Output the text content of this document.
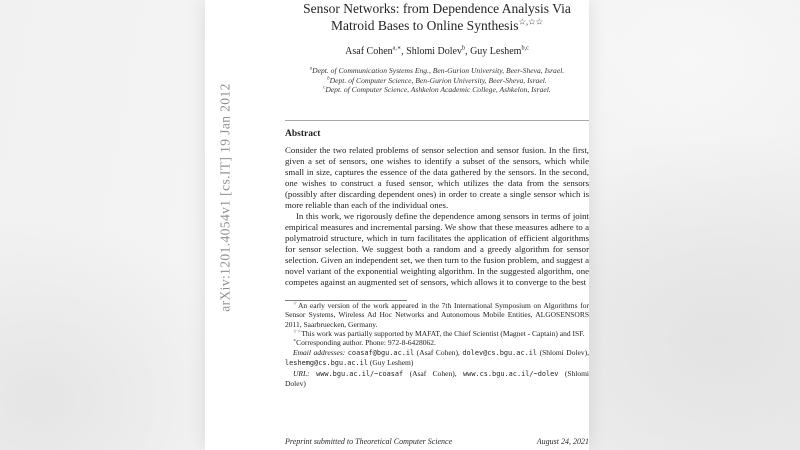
arXiv:1201.4054v1 [cs.IT] 19 Jan 2012
Sensor Networks: from Dependence Analysis Via
Matroid Bases to Online Synthesis☆,☆☆
Asaf Cohen$^{a,∗}$, Shlomi Dolev$^b$, Guy Leshem$^{b,c}$
$^a$Dept. of Communication Systems Eng., Ben-Gurion University, Beer-Sheva, Israel.
$^b$Dept. of Computer Science, Ben-Gurion University, Beer-Sheva, Israel.
$^c$Dept. of Computer Science, Ashkelon Academic College, Ashkelon, Israel.
Abstract

Consider the two related problems of sensor selection and sensor fusion. In the first, given a set of sensors, one wishes to identify a subset of the sensors, which while small in size, captures the essence of the data gathered by the sensors. In the second, one wishes to construct a fused sensor, which utilizes the data from the sensors (possibly after discarding dependent ones) in order to create a single sensor which is more reliable than each of the individual ones.

In this work, we rigorously define the dependence among sensors in terms of joint empirical measures and incremental parsing. We show that these measures adhere to a polymatroid structure, which in turn facilitates the application of efficient algorithms for sensor selection. We suggest both a random and a greedy algorithm for sensor selection. Given an independent set, we then turn to the fusion problem, and suggest a novel variant of the exponential weighting algorithm. In the suggested algorithm, one competes against an augmented set of sensors, which allows it to converge to the best

☆An early version of the work appeared in the 7th International Symposium on Algorithms for Sensor Systems, Wireless Ad Hoc Networks and Autonomous Mobile Entities, ALGOSENSORS 2011, Saarbruecken, Germany.

☆☆This work was partially supported by MAFAT, the Chief Scientist (Magnet - Captain) and ISF.

∗Corresponding author. Phone: 972-8-6428062.

Email addresses: coasaf@bgu.ac.il (Asaf Cohen), dolev@cs.bgu.ac.il (Shlomi Dolev), leshemg@cs.bgu.ac.il (Guy Leshem)

URL: www.bgu.ac.il/~coasaf (Asaf Cohen), www.cs.bgu.ac.il/~dolev (Shlomi Dolev)

Preprint submitted to Theoretical Computer Science	August 24, 2021
